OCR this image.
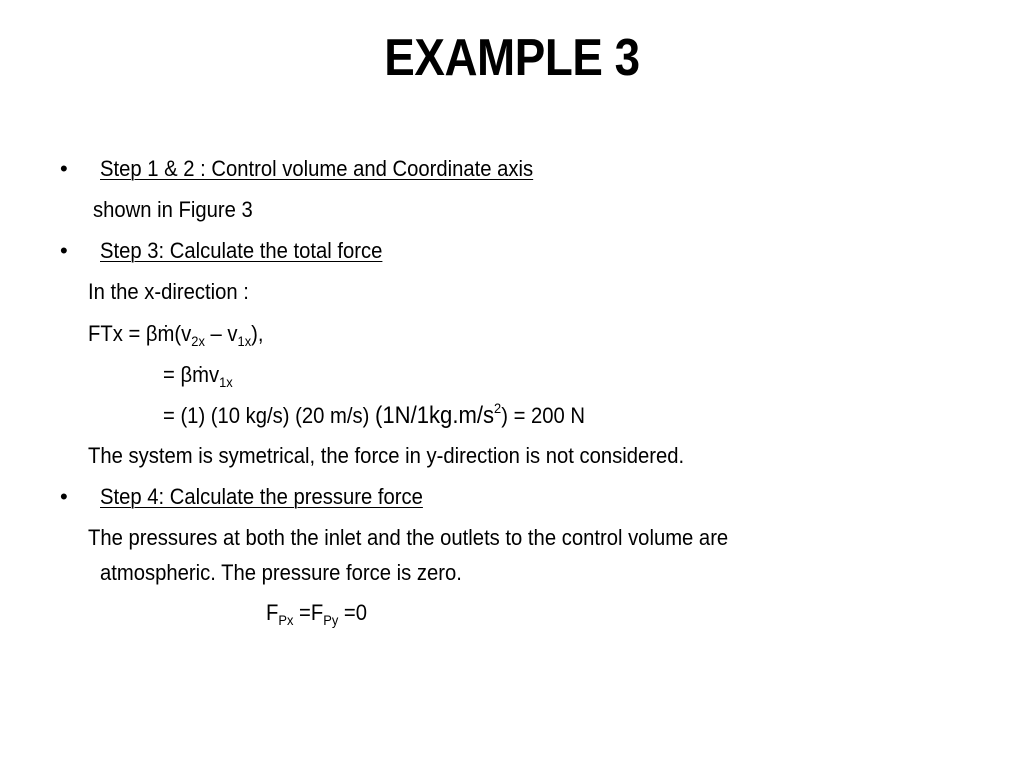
EXAMPLE 3
• Step 1 & 2 : Control volume and Coordinate axis
shown in Figure 3
• Step 3: Calculate the total force
In the x-direction :
FTx = $\beta ṁ(v_{2x} - v_{1x})$,
= βṁv$_{1x}$
= (1) (10 kg/s) (20 m/s) $(1N/1kg.m/s^2) = 200$ N
The system is symetrical, the force in y-direction is not considered.
• Step 4: Calculate the pressure force
The pressures at both the inlet and the outlets to the control volume are
atmospheric. The pressure force is zero.
$F_{Px} =F_{Py} =0$
